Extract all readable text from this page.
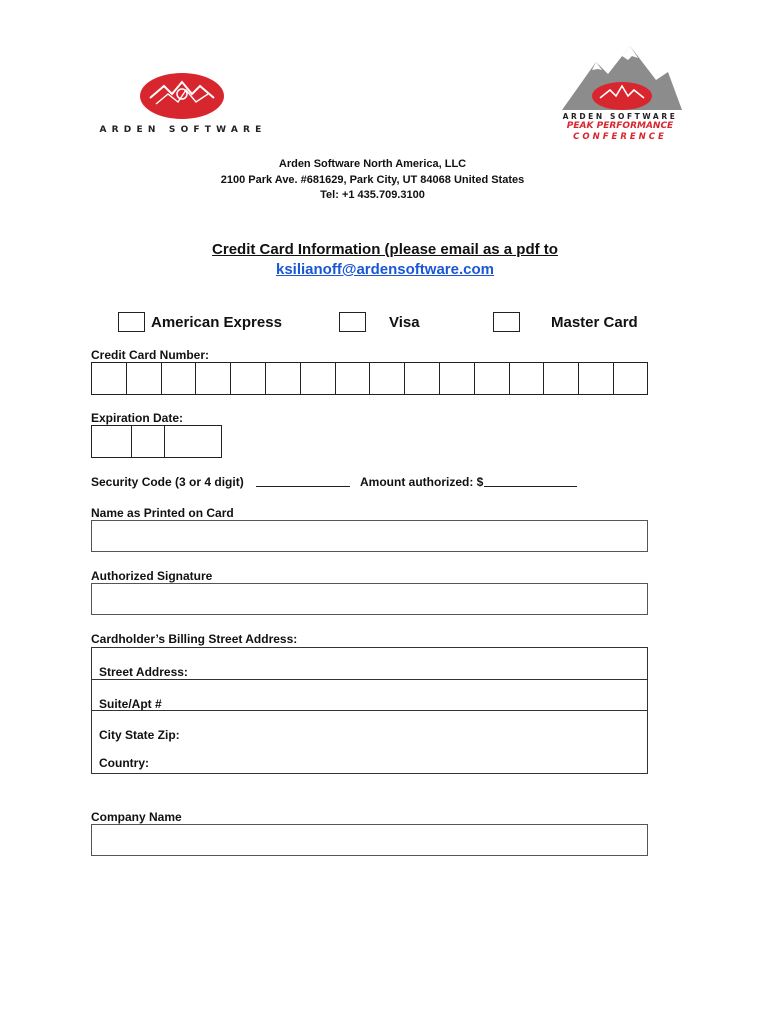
ARDEN SOFTWARE
ARDEN SOFTWARE
PEAK PERFORMANCE
CONFERENCE
Arden Software North America, LLC
2100 Park Ave. #681629, Park City, UT 84068 United States
Tel: +1 435.709.3100
Credit Card Information (please email as a pdf to
ksilianoff@ardensoftware.com
American Express	Visa	Master Card
Credit Card Number:
Expiration Date:
Security Code (3 or 4 digit)	Amount authorized: $
Name as Printed on Card
Authorized Signature
Cardholder’s Billing Street Address:
Street Address:
Suite/Apt #
City State Zip:
Country:
Company Name
